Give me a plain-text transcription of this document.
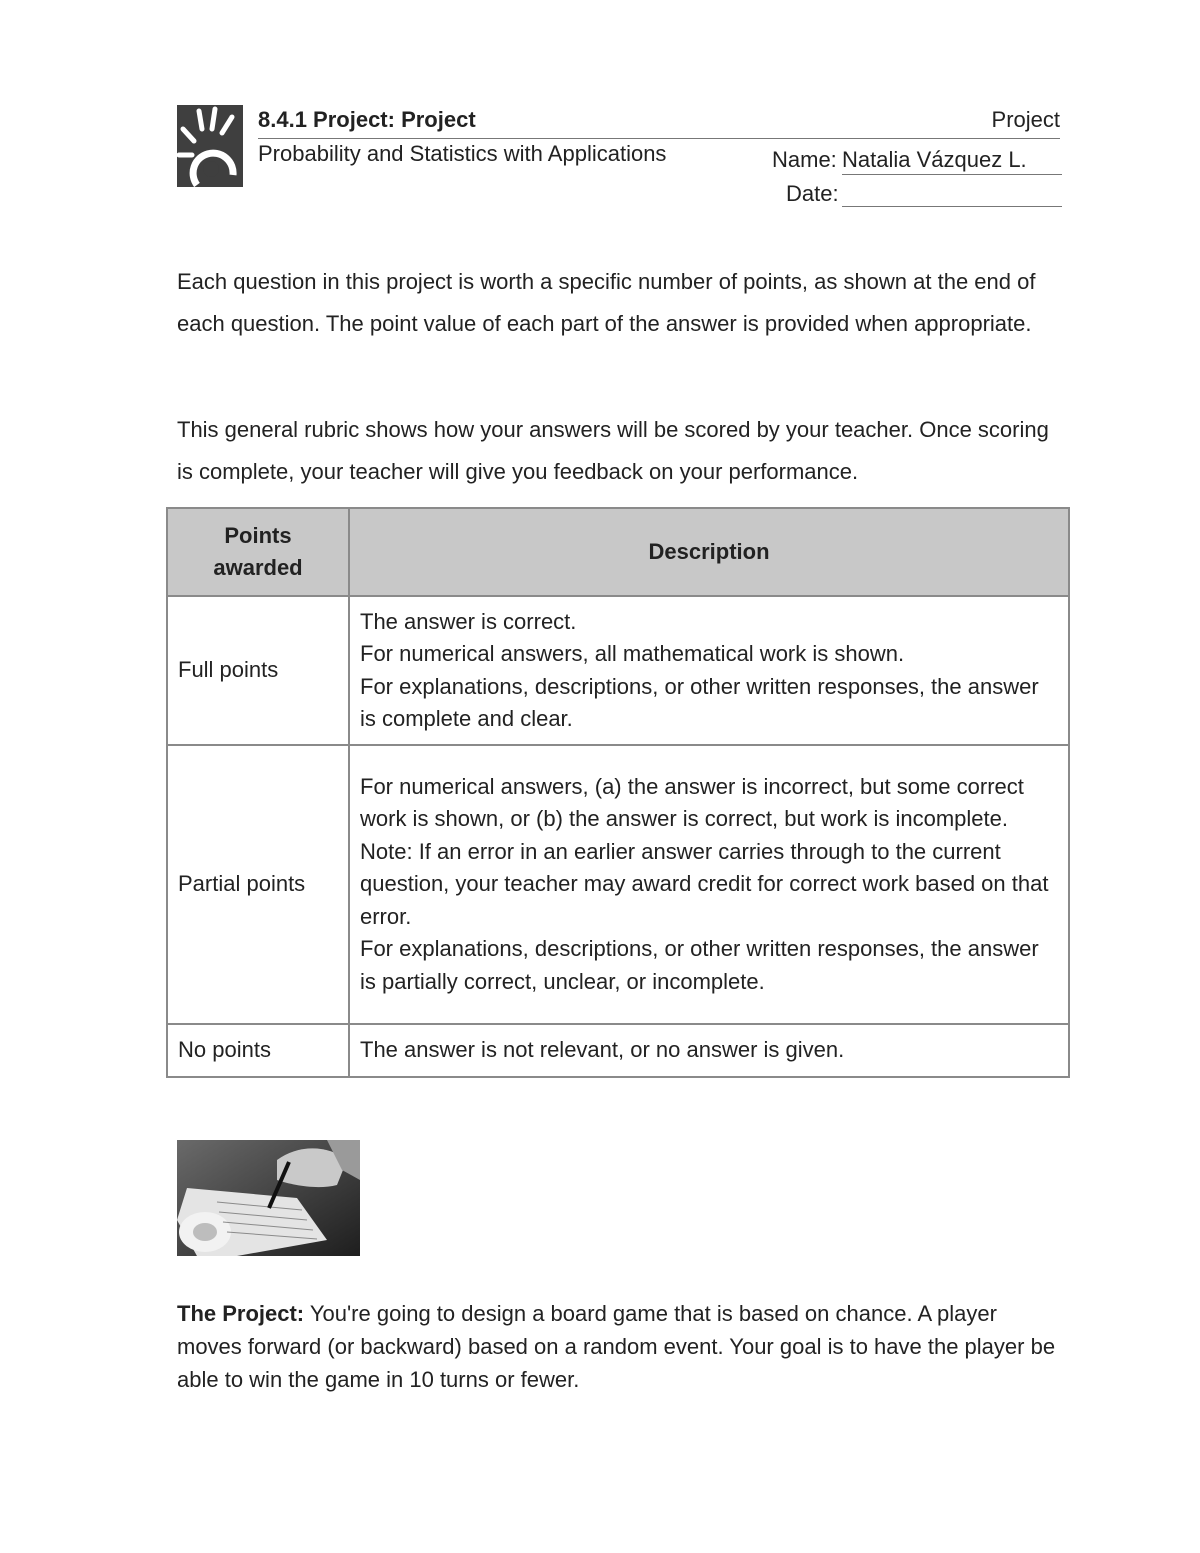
8.4.1 Project: Project	Project
Probability and Statistics with Applications	Name: Natalia Vázquez L.
Date:
Each question in this project is worth a specific number of points, as shown at the end of each question. The point value of each part of the answer is provided when appropriate.
This general rubric shows how your answers will be scored by your teacher. Once scoring is complete, your teacher will give you feedback on your performance.
Points awarded	Description
Full points	The answer is correct.
For numerical answers, all mathematical work is shown.
For explanations, descriptions, or other written responses, the answer is complete and clear.

Partial points	For numerical answers, (a) the answer is incorrect, but some correct work is shown, or (b) the answer is correct, but work is incomplete.
Note: If an error in an earlier answer carries through to the current question, your teacher may award credit for correct work based on that error.
For explanations, descriptions, or other written responses, the answer is partially correct, unclear, or incomplete.

No points	The answer is not relevant, or no answer is given.
The Project: You're going to design a board game that is based on chance. A player moves forward (or backward) based on a random event. Your goal is to have the player be able to win the game in 10 turns or fewer.
